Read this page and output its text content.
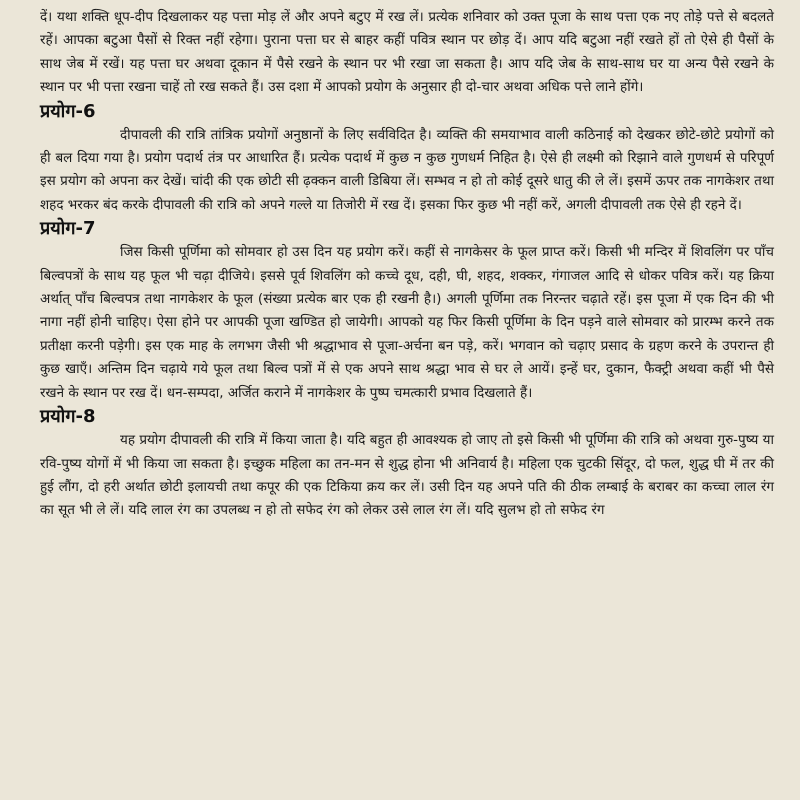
दें। यथा शक्ति धूप-दीप दिखलाकर यह पत्ता मोड़ लें और अपने बटुए में रख लें। प्रत्येक शनिवार को उक्त पूजा के साथ पत्ता एक नए तोड़े पत्ते से बदलते रहें। आपका बटुआ पैसों से रिक्त नहीं रहेगा। पुराना पत्ता घर से बाहर कहीं पवित्र स्थान पर छोड़ दें। आप यदि बटुआ नहीं रखते हों तो ऐसे ही पैसों के साथ जेब में रखें। यह पत्ता घर अथवा दूकान में पैसे रखने के स्थान पर भी रखा जा सकता है। आप यदि जेब के साथ-साथ घर या अन्य पैसे रखने के स्थान पर भी पत्ता रखना चाहें तो रख सकते हैं। उस दशा में आपको प्रयोग के अनुसार ही दो-चार अथवा अधिक पत्ते लाने होंगे।

प्रयोग-6

दीपावली की रात्रि तांत्रिक प्रयोगों अनुष्ठानों के लिए सर्वविदित है। व्यक्ति की समयाभाव वाली कठिनाई को देखकर छोटे-छोटे प्रयोगों को ही बल दिया गया है। प्रयोग पदार्थ तंत्र पर आधारित हैं। प्रत्येक पदार्थ में कुछ न कुछ गुणधर्म निहित है। ऐसे ही लक्ष्मी को रिझाने वाले गुणधर्म से परिपूर्ण इस प्रयोग को अपना कर देखें। चांदी की एक छोटी सी ढ़क्कन वाली डिबिया लें। सम्भव न हो तो कोई दूसरे धातु की ले लें। इसमें ऊपर तक नागकेशर तथा शहद भरकर बंद करके दीपावली की रात्रि को अपने गल्ले या तिजोरी में रख दें। इसका फिर कुछ भी नहीं करें, अगली दीपावली तक ऐसे ही रहने दें।

प्रयोग-7

जिस किसी पूर्णिमा को सोमवार हो उस दिन यह प्रयोग करें। कहीं से नागकेसर के फूल प्राप्त करें। किसी भी मन्दिर में शिवलिंग पर पाँच बिल्वपत्रों के साथ यह फूल भी चढ़ा दीजिये। इससे पूर्व शिवलिंग को कच्चे दूध, दही, घी, शहद, शक्कर, गंगाजल आदि से धोकर पवित्र करें। यह क्रिया अर्थात् पाँच बिल्वपत्र तथा नागकेशर के फूल (संख्या प्रत्येक बार एक ही रखनी है।) अगली पूर्णिमा तक निरन्तर चढ़ाते रहें। इस पूजा में एक दिन की भी नागा नहीं होनी चाहिए। ऐसा होने पर आपकी पूजा खण्डित हो जायेगी। आपको यह फिर किसी पूर्णिमा के दिन पड़ने वाले सोमवार को प्रारम्भ करने तक प्रतीक्षा करनी पड़ेगी। इस एक माह के लगभग जैसी भी श्रद्धाभाव से पूजा-अर्चना बन पड़े, करें। भगवान को चढ़ाए प्रसाद के ग्रहण करने के उपरान्त ही कुछ खाएँ। अन्तिम दिन चढ़ाये गये फूल तथा बिल्व पत्रों में से एक अपने साथ श्रद्धा भाव से घर ले आयें। इन्हें घर, दुकान, फैक्ट्री अथवा कहीं भी पैसे रखने के स्थान पर रख दें। धन-सम्पदा, अर्जित कराने में नागकेशर के पुष्प चमत्कारी प्रभाव दिखलाते हैं।

प्रयोग-8

यह प्रयोग दीपावली की रात्रि में किया जाता है। यदि बहुत ही आवश्यक हो जाए तो इसे किसी भी पूर्णिमा की रात्रि को अथवा गुरु-पुष्य या रवि-पुष्य योगों में भी किया जा सकता है। इच्छुक महिला का तन-मन से शुद्ध होना भी अनिवार्य है। महिला एक चुटकी सिंदूर, दो फल, शुद्ध घी में तर की हुई लौंग, दो हरी अर्थात छोटी इलायची तथा कपूर की एक टिकिया क्रय कर लें। उसी दिन यह अपने पति की ठीक लम्बाई के बराबर का कच्चा लाल रंग का सूत भी ले लें। यदि लाल रंग का उपलब्ध न हो तो सफेद रंग को लेकर उसे लाल रंग लें। यदि सुलभ हो तो सफेद रंग
